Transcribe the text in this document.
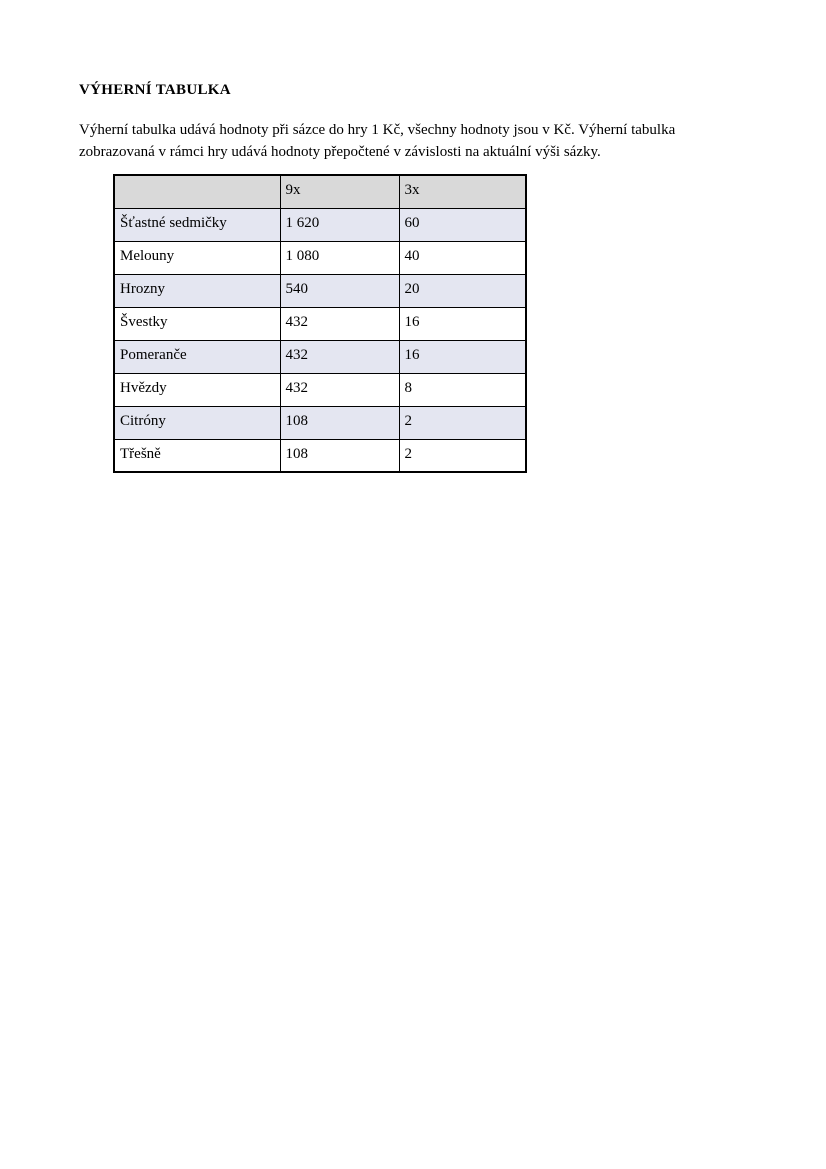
VÝHERNÍ TABULKA

Výherní tabulka udává hodnoty při sázce do hry 1 Kč, všechny hodnoty jsou v Kč. Výherní tabulka zobrazovaná v rámci hry udává hodnoty přepočtené v závislosti na aktuální výši sázky.

	9x	3x
Šťastné sedmičky	1 620	60
Melouny	1 080	40
Hrozny	540	20
Švestky	432	16
Pomeranče	432	16
Hvězdy	432	8
Citróny	108	2
Třešně	108	2
